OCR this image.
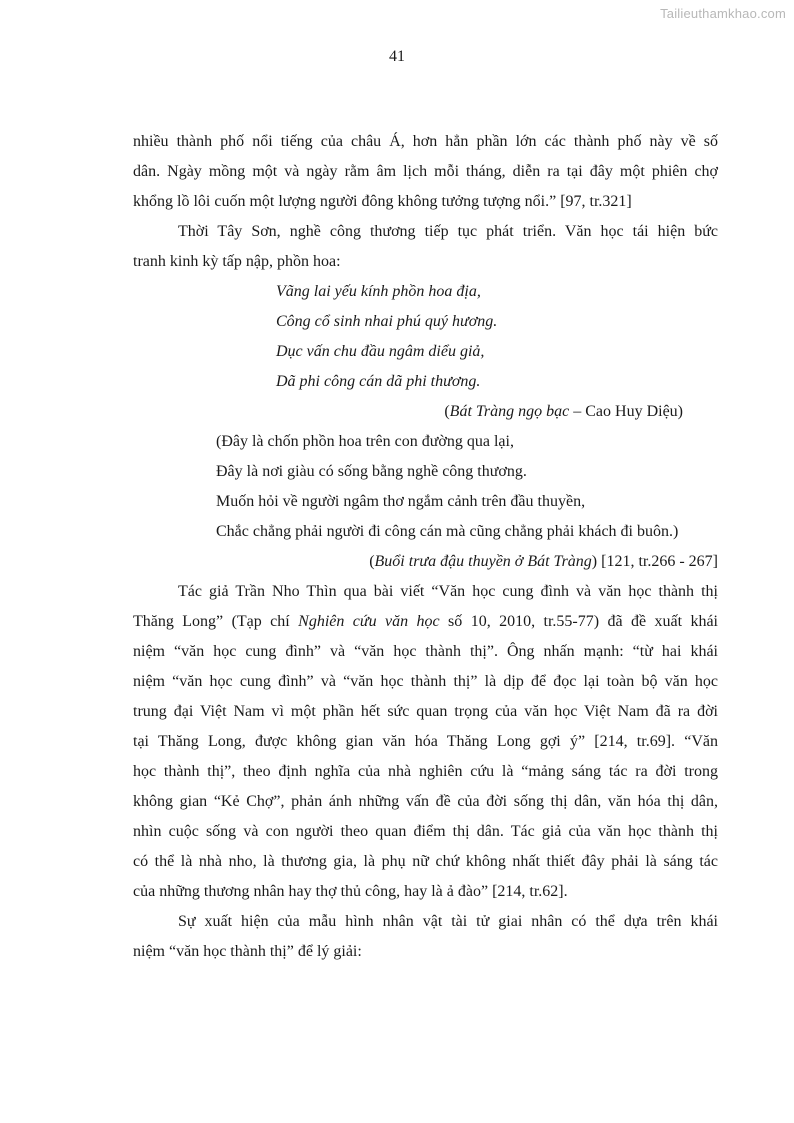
Tailieuthamkhao.com
41
nhiều thành phố nổi tiếng của châu Á, hơn hẳn phần lớn các thành phố này về số
dân. Ngày mồng một và ngày rằm âm lịch mỗi tháng, diễn ra tại đây một phiên chợ
khổng lồ lôi cuốn một lượng người đông không tưởng tượng nổi.” [97, tr.321]
Thời Tây Sơn, nghề công thương tiếp tục phát triển. Văn học tái hiện bức
tranh kinh kỳ tấp nập, phồn hoa:
Vãng lai yếu kính phồn hoa địa,
Công cổ sinh nhai phú quý hương.
Dục vấn chu đầu ngâm diểu giả,
Dã phi công cán dã phi thương.
(Bát Tràng ngọ bạc – Cao Huy Diệu)
(Đây là chốn phồn hoa trên con đường qua lại,
Đây là nơi giàu có sống bằng nghề công thương.
Muốn hỏi về người ngâm thơ ngắm cảnh trên đầu thuyền,
Chắc chẳng phải người đi công cán mà cũng chẳng phải khách đi buôn.)
(Buổi trưa đậu thuyền ở Bát Tràng) [121, tr.266 - 267]
Tác giả Trần Nho Thìn qua bài viết “Văn học cung đình và văn học thành thị
Thăng Long” (Tạp chí Nghiên cứu văn học số 10, 2010, tr.55-77) đã đề xuất khái
niệm “văn học cung đình” và “văn học thành thị”. Ông nhấn mạnh: “từ hai khái
niệm “văn học cung đình” và “văn học thành thị” là dịp để đọc lại toàn bộ văn học
trung đại Việt Nam vì một phần hết sức quan trọng của văn học Việt Nam đã ra đời
tại Thăng Long, được không gian văn hóa Thăng Long gợi ý” [214, tr.69]. “Văn
học thành thị”, theo định nghĩa của nhà nghiên cứu là “mảng sáng tác ra đời trong
không gian “Kẻ Chợ”, phản ánh những vấn đề của đời sống thị dân, văn hóa thị dân,
nhìn cuộc sống và con người theo quan điểm thị dân. Tác giả của văn học thành thị
có thể là nhà nho, là thương gia, là phụ nữ chứ không nhất thiết đây phải là sáng tác
của những thương nhân hay thợ thủ công, hay là ả đào” [214, tr.62].
Sự xuất hiện của mẫu hình nhân vật tài tử giai nhân có thể dựa trên khái
niệm “văn học thành thị” để lý giải:
